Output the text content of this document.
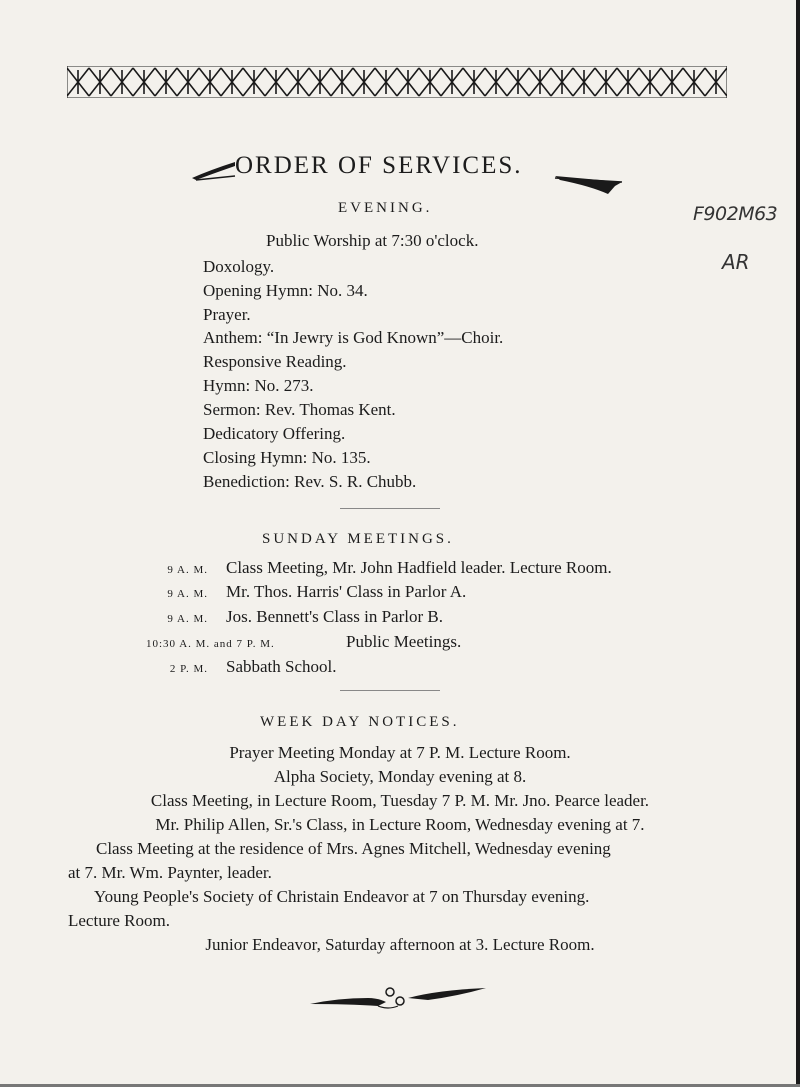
ORDER OF SERVICES.
F902M63
AR
EVENING.
Public Worship at 7:30 o'clock.
Doxology.
Opening Hymn: No. 34.
Prayer.
Anthem: “In Jewry is God Known”—Choir.
Responsive Reading.
Hymn: No. 273.
Sermon: Rev. Thomas Kent.
Dedicatory Offering.
Closing Hymn: No. 135.
Benediction: Rev. S. R. Chubb.
SUNDAY MEETINGS.
9 A. M. Class Meeting, Mr. John Hadfield leader. Lecture Room.
9 A. M. Mr. Thos. Harris' Class in Parlor A.
9 A. M. Jos. Bennett's Class in Parlor B.
10:30 A. M. and 7 P. M.	Public Meetings.
2 P. M. Sabbath School.
WEEK DAY NOTICES.
Prayer Meeting Monday at 7 P. M. Lecture Room.
Alpha Society, Monday evening at 8.
Class Meeting, in Lecture Room, Tuesday 7 P. M. Mr. Jno. Pearce leader.
Mr. Philip Allen, Sr.'s Class, in Lecture Room, Wednesday evening at 7.
Class Meeting at the residence of Mrs. Agnes Mitchell, Wednesday evening
at 7. Mr. Wm. Paynter, leader.
Young People's Society of Christain Endeavor at 7 on Thursday evening.
Lecture Room.
Junior Endeavor, Saturday afternoon at 3. Lecture Room.
